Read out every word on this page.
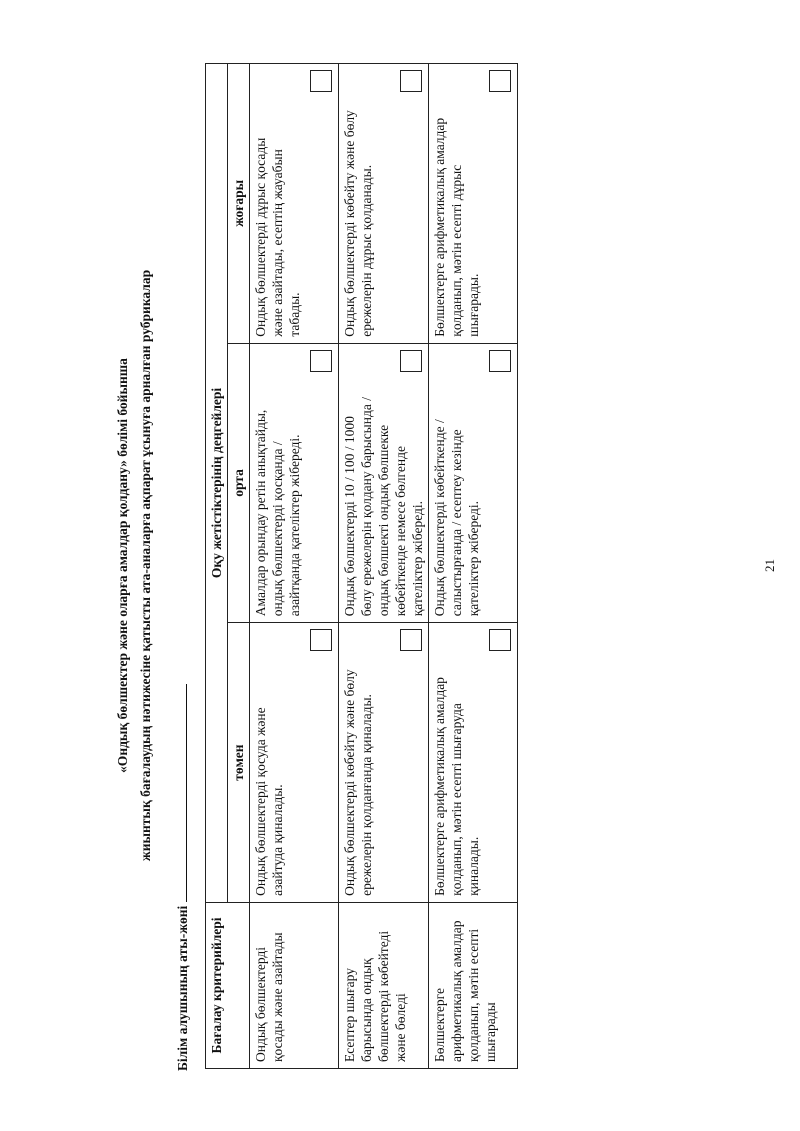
«Ондық бөлшектер және оларға амалдар қолдану» бөлімі бойынша жиынтық бағалаудың нәтижесіне қатысты ата-аналарға ақпарат ұсынуға арналған рубрикалар
Білім алушының аты-жөні Бағалау критерийлері	Оқу жетістіктерінің деңгейлері		
	төмен	орта	жоғары
Ондық бөлшектерді қосады және азайтады	Ондық бөлшектерді қосуда және азайтуда қиналады.	Амалдар орындау ретін анықтайды, ондық бөлшектерді қосқанда / азайтқанда қателіктер жібереді.	Ондық бөлшектерді дұрыс қосады және азайтады, есептің жауабын табады.

Есептер шығару барысында ондық бөлшектерді көбейтеді және бөледі	Ондық бөлшектерді көбейту және бөлу ережелерін қолданғанда қиналады.	Ондық бөлшектерді 10 / 100 / 1000 бөлу ережелерін қолдану барысында / ондық бөлшекті ондық бөлшекке көбейткенде немесе бөлгенде қателіктер жібереді.	Ондық бөлшектерді көбейту және бөлу ережелерін дұрыс қолданады.

Бөлшектерге арифметикалық амалдар қолданып, мәтін есепті шығарады	Бөлшектерге арифметикалық амалдар қолданып, мәтін есепті шығаруда қиналады.	Ондық бөлшектерді көбейткенде / салыстырғанда / есептеу кезінде қателіктер жібереді.	Бөлшектерге арифметикалық амалдар қолданып, мәтін есепті дұрыс шығарады.
21
